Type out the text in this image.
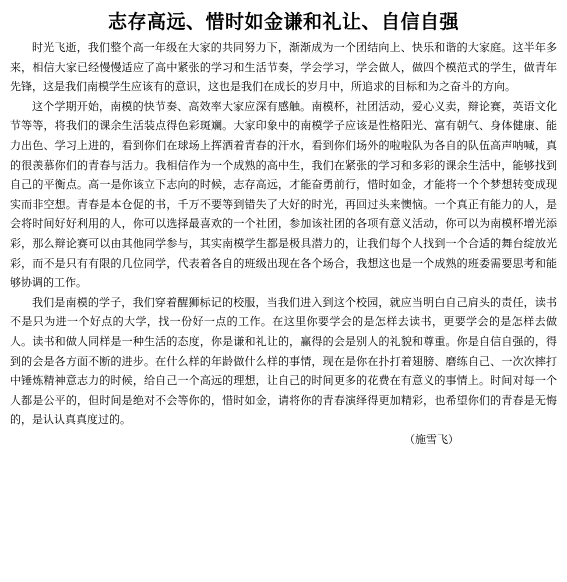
志存高远、惜时如金谦和礼让、自信自强

时光飞逝，我们整个高一年级在大家的共同努力下，渐渐成为一个团结向上、快乐和谐的大家庭。这半年多来，相信大家已经慢慢适应了高中紧张的学习和生活节奏，学会学习，学会做人，做四个模范式的学生，做青年先锋，这是我们南模学生应该有的意识，这也是我们在成长的岁月中，所追求的目标和为之奋斗的方向。

这个学期开始，南模的快节奏、高效率大家应深有感触。南模杯，社团活动，爱心义卖，辩论赛，英语文化节等等，将我们的课余生活装点得色彩斑斓。大家印象中的南模学子应该是性格阳光、富有朝气、身体健康、能力出色、学习上进的，看到你们在球场上挥洒着青春的汗水，看到你们场外的啦啦队为各自的队伍高声呐喊，真的很羡慕你们的青春与活力。我相信作为一个成熟的高中生，我们在紧张的学习和多彩的课余生活中，能够找到自己的平衡点。高一是你该立下志向的时候，志存高远，才能奋勇前行，惜时如金，才能将一个个梦想转变成现实而非空想。青春是本仓促的书，千万不要等到错失了大好的时光，再回过头来懊恼。一个真正有能力的人，是会将时间好好利用的人，你可以选择最喜欢的一个社团，参加该社团的各项有意义活动，你可以为南模杯增光添彩，那么辩论赛可以由其他同学参与，其实南模学生都是极具潜力的，让我们每个人找到一个合适的舞台绽放光彩，而不是只有有限的几位同学，代表着各自的班级出现在各个场合，我想这也是一个成熟的班委需要思考和能够协调的工作。

我们是南模的学子，我们穿着醒狮标记的校服，当我们进入到这个校园，就应当明白自己肩头的责任，读书不是只为进一个好点的大学，找一份好一点的工作。在这里你要学会的是怎样去读书，更要学会的是怎样去做人。读书和做人同样是一种生活的态度，你是谦和礼让的，赢得的会是别人的礼貌和尊重。你是自信自强的，得到的会是各方面不断的进步。在什么样的年龄做什么样的事情，现在是你在扑打着翅膀、磨练自己、一次次摔打中锤炼精神意志力的时候，给自己一个高远的理想，让自己的时间更多的花费在有意义的事情上。时间对每一个人都是公平的，但时间是绝对不会等你的，惜时如金，请将你的青春演绎得更加精彩，也希望你们的青春是无悔的，是认认真真度过的。

（施雪飞）
